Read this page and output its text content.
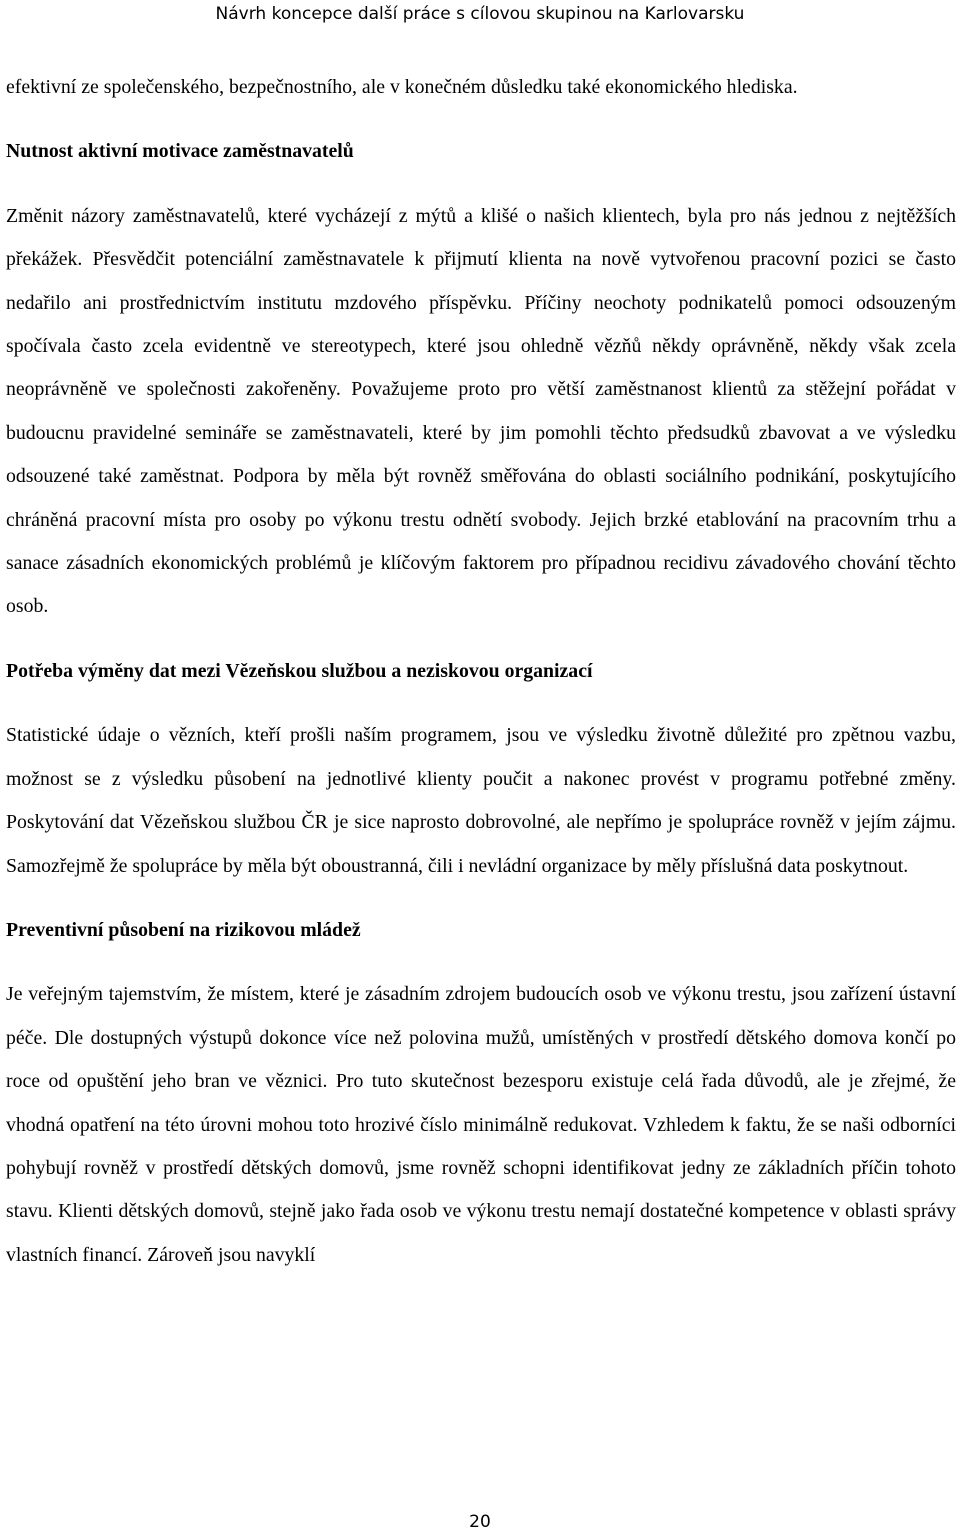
Návrh koncepce další práce s cílovou skupinou na Karlovarsku

efektivní ze společenského, bezpečnostního, ale v konečném důsledku také ekonomického hlediska.

Nutnost aktivní motivace zaměstnavatelů

Změnit názory zaměstnavatelů, které vycházejí z mýtů a klišé o našich klientech, byla pro nás jednou z nejtěžších překážek. Přesvědčit potenciální zaměstnavatele k přijmutí klienta na nově vytvořenou pracovní pozici se často nedařilo ani prostřednictvím institutu mzdového příspěvku. Příčiny neochoty podnikatelů pomoci odsouzeným spočívala často zcela evidentně ve stereotypech, které jsou ohledně vězňů někdy oprávněně, někdy však zcela neoprávněně ve společnosti zakořeněny. Považujeme proto pro větší zaměstnanost klientů za stěžejní pořádat v budoucnu pravidelné semináře se zaměstnavateli, které by jim pomohli těchto předsudků zbavovat a ve výsledku odsouzené také zaměstnat. Podpora by měla být rovněž směřována do oblasti sociálního podnikání, poskytujícího chráněná pracovní místa pro osoby po výkonu trestu odnětí svobody. Jejich brzké etablování na pracovním trhu a sanace zásadních ekonomických problémů je klíčovým faktorem pro případnou recidivu závadového chování těchto osob.

Potřeba výměny dat mezi Vězeňskou službou a neziskovou organizací

Statistické údaje o vězních, kteří prošli naším programem, jsou ve výsledku životně důležité pro zpětnou vazbu, možnost se z výsledku působení na jednotlivé klienty poučit a nakonec provést v programu potřebné změny. Poskytování dat Vězeňskou službou ČR je sice naprosto dobrovolné, ale nepřímo je spolupráce rovněž v jejím zájmu. Samozřejmě že spolupráce by měla být oboustranná, čili i nevládní organizace by měly příslušná data poskytnout.

Preventivní působení na rizikovou mládež

Je veřejným tajemstvím, že místem, které je zásadním zdrojem budoucích osob ve výkonu trestu, jsou zařízení ústavní péče. Dle dostupných výstupů dokonce více než polovina mužů, umístěných v prostředí dětského domova končí po roce od opuštění jeho bran ve věznici. Pro tuto skutečnost bezesporu existuje celá řada důvodů, ale je zřejmé, že vhodná opatření na této úrovni mohou toto hrozivé číslo minimálně redukovat. Vzhledem k faktu, že se naši odborníci pohybují rovněž v prostředí dětských domovů, jsme rovněž schopni identifikovat jedny ze základních příčin tohoto stavu. Klienti dětských domovů, stejně jako řada osob ve výkonu trestu nemají dostatečné kompetence v oblasti správy vlastních financí. Zároveň jsou navyklí

20
